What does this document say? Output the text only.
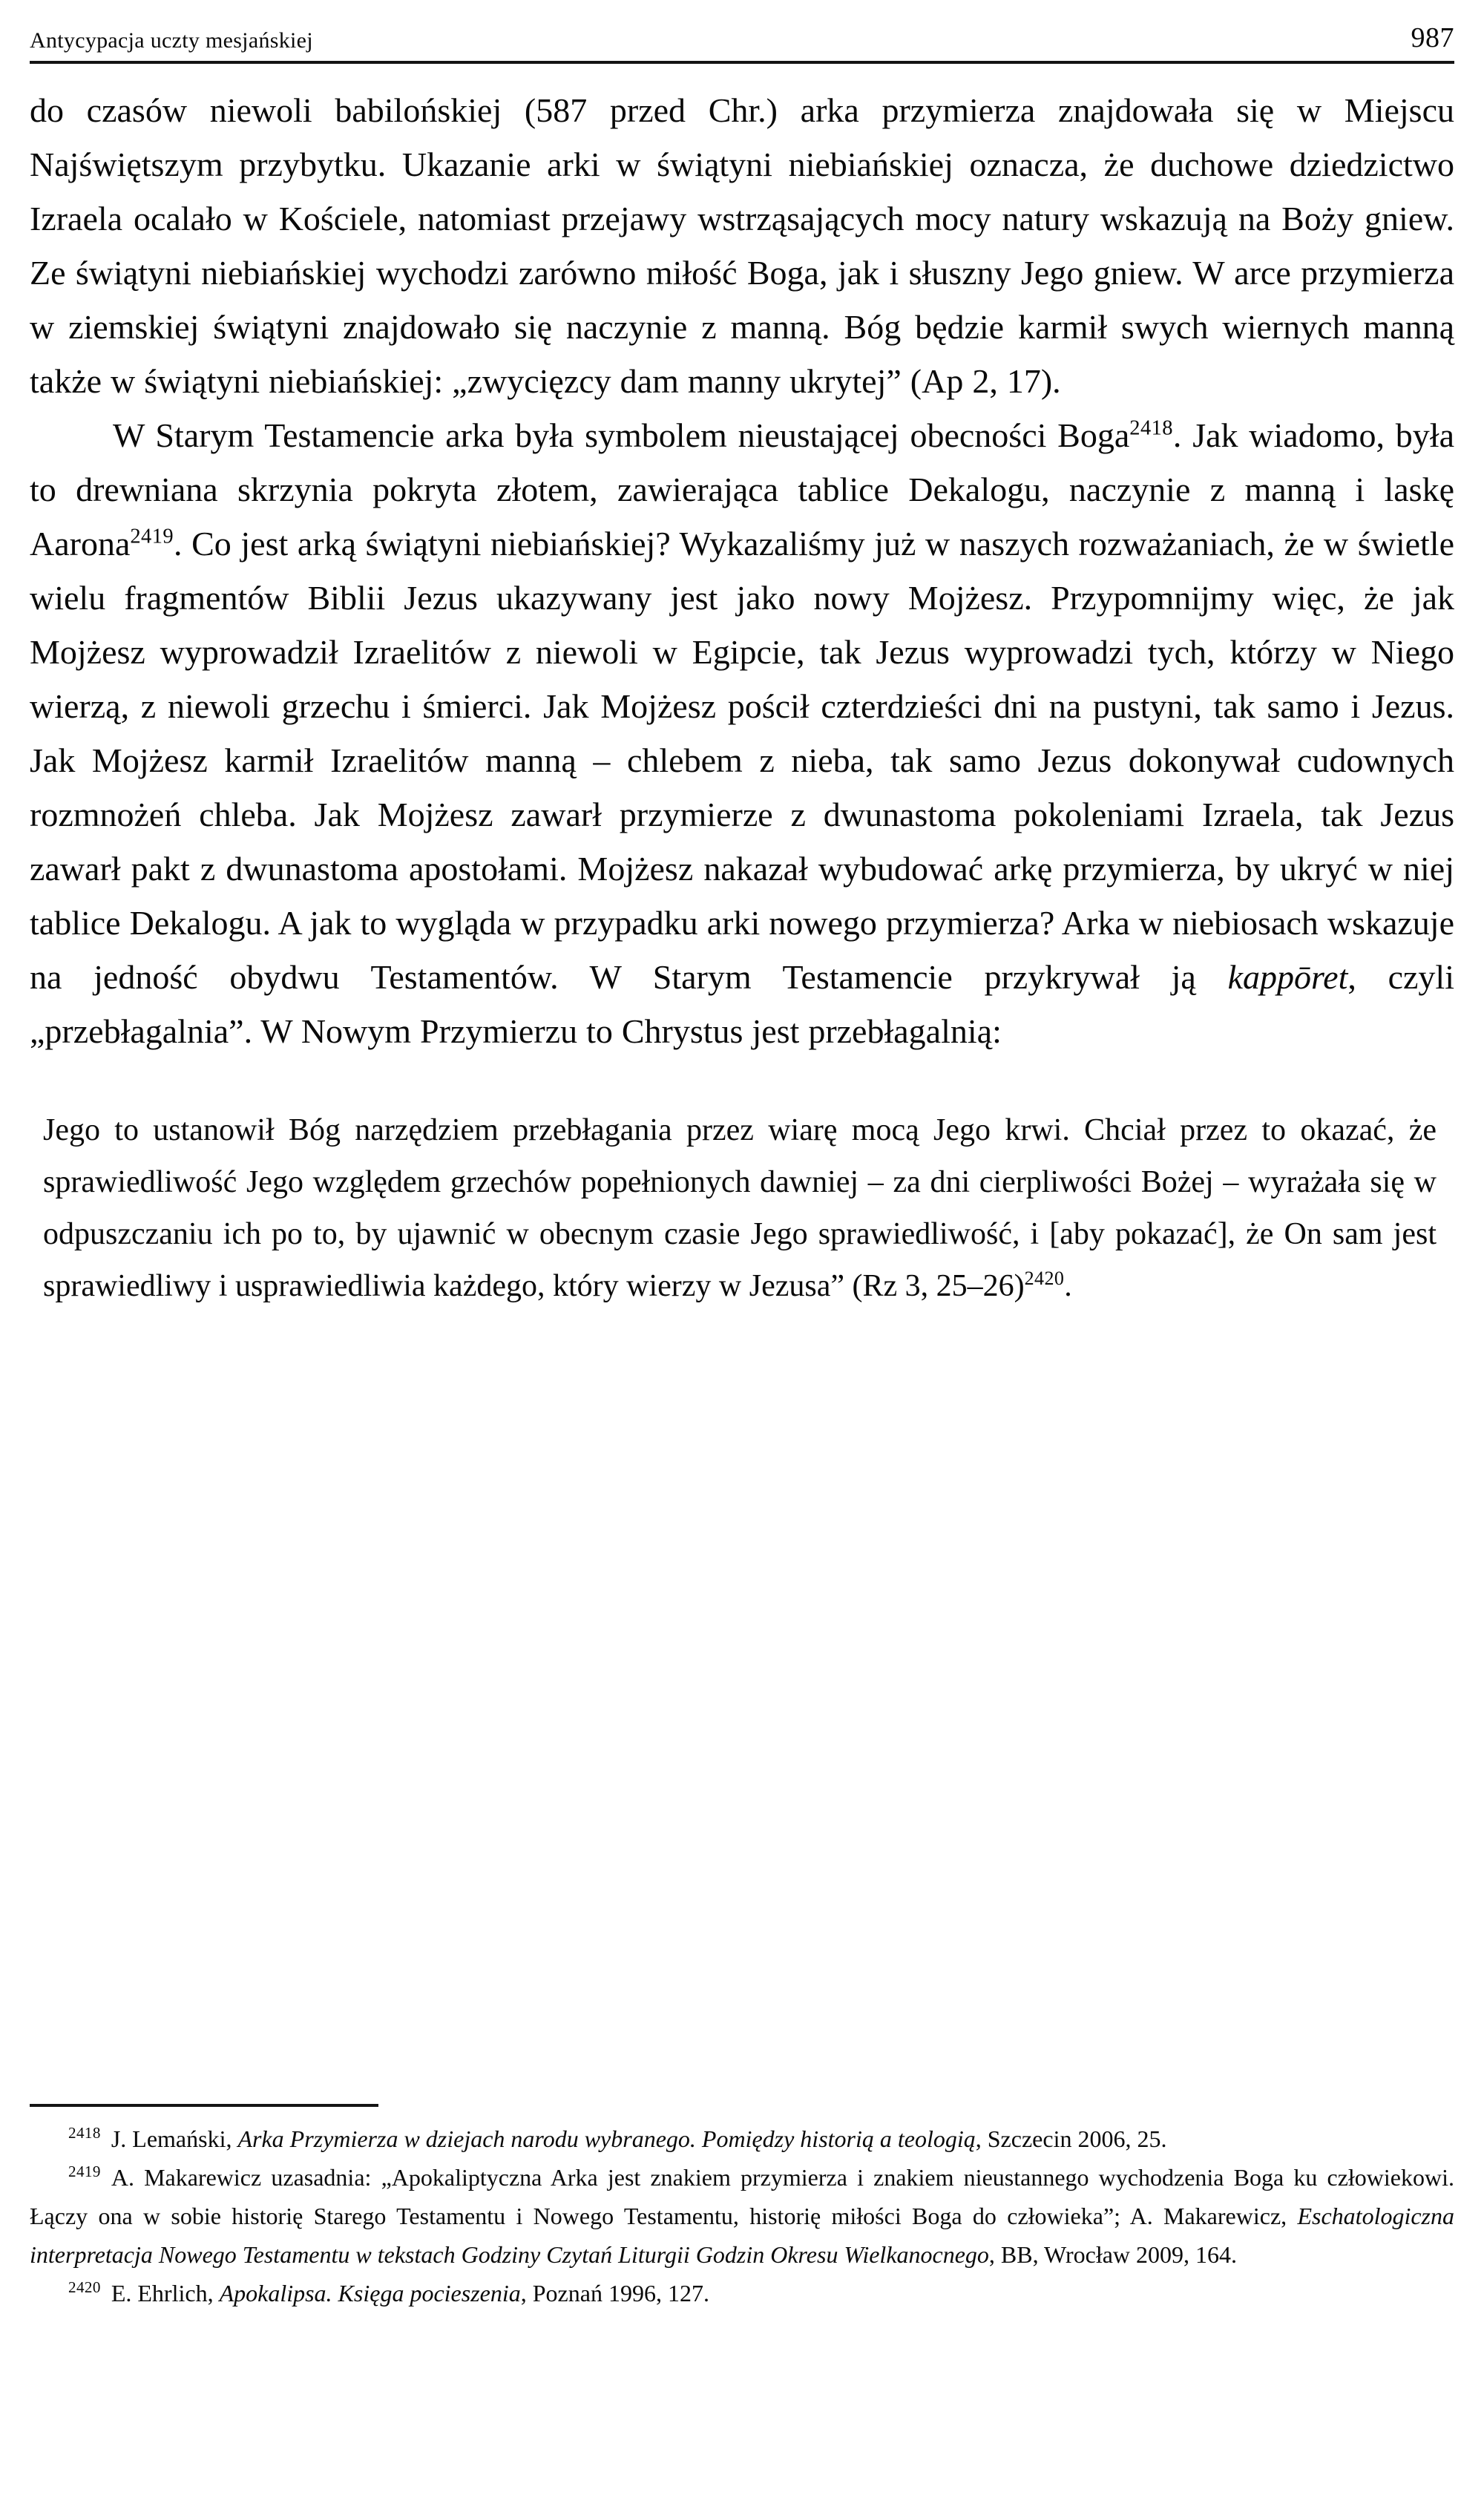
Antycypacja uczty mesjańskiej	987

do czasów niewoli babilońskiej (587 przed Chr.) arka przymierza znajdowała się w Miejscu Najświętszym przybytku. Ukazanie arki w świątyni niebiańskiej oznacza, że duchowe dziedzictwo Izraela ocalało w Kościele, natomiast przejawy wstrząsających mocy natury wskazują na Boży gniew. Ze świątyni niebiańskiej wychodzi zarówno miłość Boga, jak i słuszny Jego gniew. W arce przymierza w ziemskiej świątyni znajdowało się naczynie z manną. Bóg będzie karmił swych wiernych manną także w świątyni niebiańskiej: „zwycięzcy dam manny ukrytej” (Ap 2, 17).

W Starym Testamencie arka była symbolem nieustającej obecności Boga$^{2418}$. Jak wiadomo, była to drewniana skrzynia pokryta złotem, zawierająca tablice Dekalogu, naczynie z manną i laskę Aarona$^{2419}$. Co jest arką świątyni niebiańskiej? Wykazaliśmy już w naszych rozważaniach, że w świetle wielu fragmentów Biblii Jezus ukazywany jest jako nowy Mojżesz. Przypomnijmy więc, że jak Mojżesz wyprowadził Izraelitów z niewoli w Egipcie, tak Jezus wyprowadzi tych, którzy w Niego wierzą, z niewoli grzechu i śmierci. Jak Mojżesz pościł czterdzieści dni na pustyni, tak samo i Jezus. Jak Mojżesz karmił Izraelitów manną – chlebem z nieba, tak samo Jezus dokonywał cudownych rozmnożeń chleba. Jak Mojżesz zawarł przymierze z dwunastoma pokoleniami Izraela, tak Jezus zawarł pakt z dwunastoma apostołami. Mojżesz nakazał wybudować arkę przymierza, by ukryć w niej tablice Dekalogu. A jak to wygląda w przypadku arki nowego przymierza? Arka w niebiosach wskazuje na jedność obydwu Testamentów. W Starym Testamencie przykrywał ją kappōret, czyli „przebłagalnia”. W Nowym Przymierzu to Chrystus jest przebłagalnią:

Jego to ustanowił Bóg narzędziem przebłagania przez wiarę mocą Jego krwi. Chciał przez to okazać, że sprawiedliwość Jego względem grzechów popełnionych dawniej – za dni cierpliwości Bożej – wyrażała się w odpuszczaniu ich po to, by ujawnić w obecnym czasie Jego sprawiedliwość, i [aby pokazać], że On sam jest sprawiedliwy i usprawiedliwia każdego, który wierzy w Jezusa” (Rz 3, 25–26)$^{2420}$.

$^{2418}$ J. Lemański, Arka Przymierza w dziejach narodu wybranego. Pomiędzy historią a teologią, Szczecin 2006, 25.

$^{2419}$ A. Makarewicz uzasadnia: „Apokaliptyczna Arka jest znakiem przymierza i znakiem nieustannego wychodzenia Boga ku człowiekowi. Łączy ona w sobie historię Starego Testamentu i Nowego Testamentu, historię miłości Boga do człowieka”; A. Makarewicz, Eschatologiczna interpretacja Nowego Testamentu w tekstach Godziny Czytań Liturgii Godzin Okresu Wielkanocnego, BB, Wrocław 2009, 164.

$^{2420}$ E. Ehrlich, Apokalipsa. Księga pocieszenia, Poznań 1996, 127.
